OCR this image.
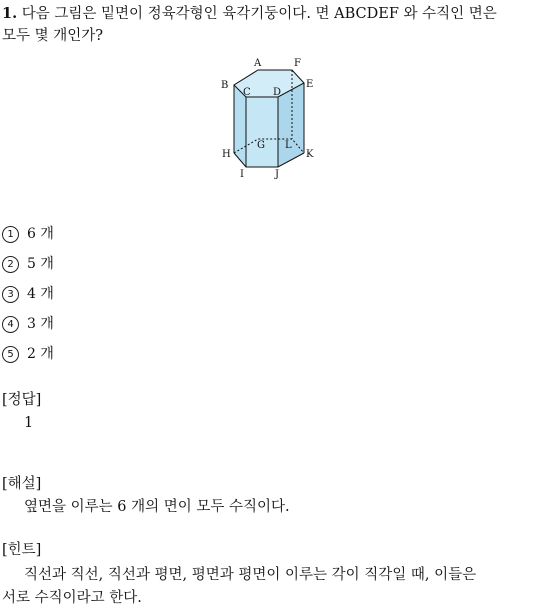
1. 다음 그림은 밑면이 정육각형인 육각기둥이다. 면 ABCDEF 와 수직인 면은
모두 몇 개인가?
A	F
B	E
C D
G L
H	K
I	J
1 6 개
2 5 개
3 4 개
4 3 개
5 2 개
[정답]
1
[해설]
옆면을 이루는 6 개의 면이 모두 수직이다.
[힌트]
직선과 직선, 직선과 평면, 평면과 평면이 이루는 각이 직각일 때, 이들은
서로 수직이라고 한다.
